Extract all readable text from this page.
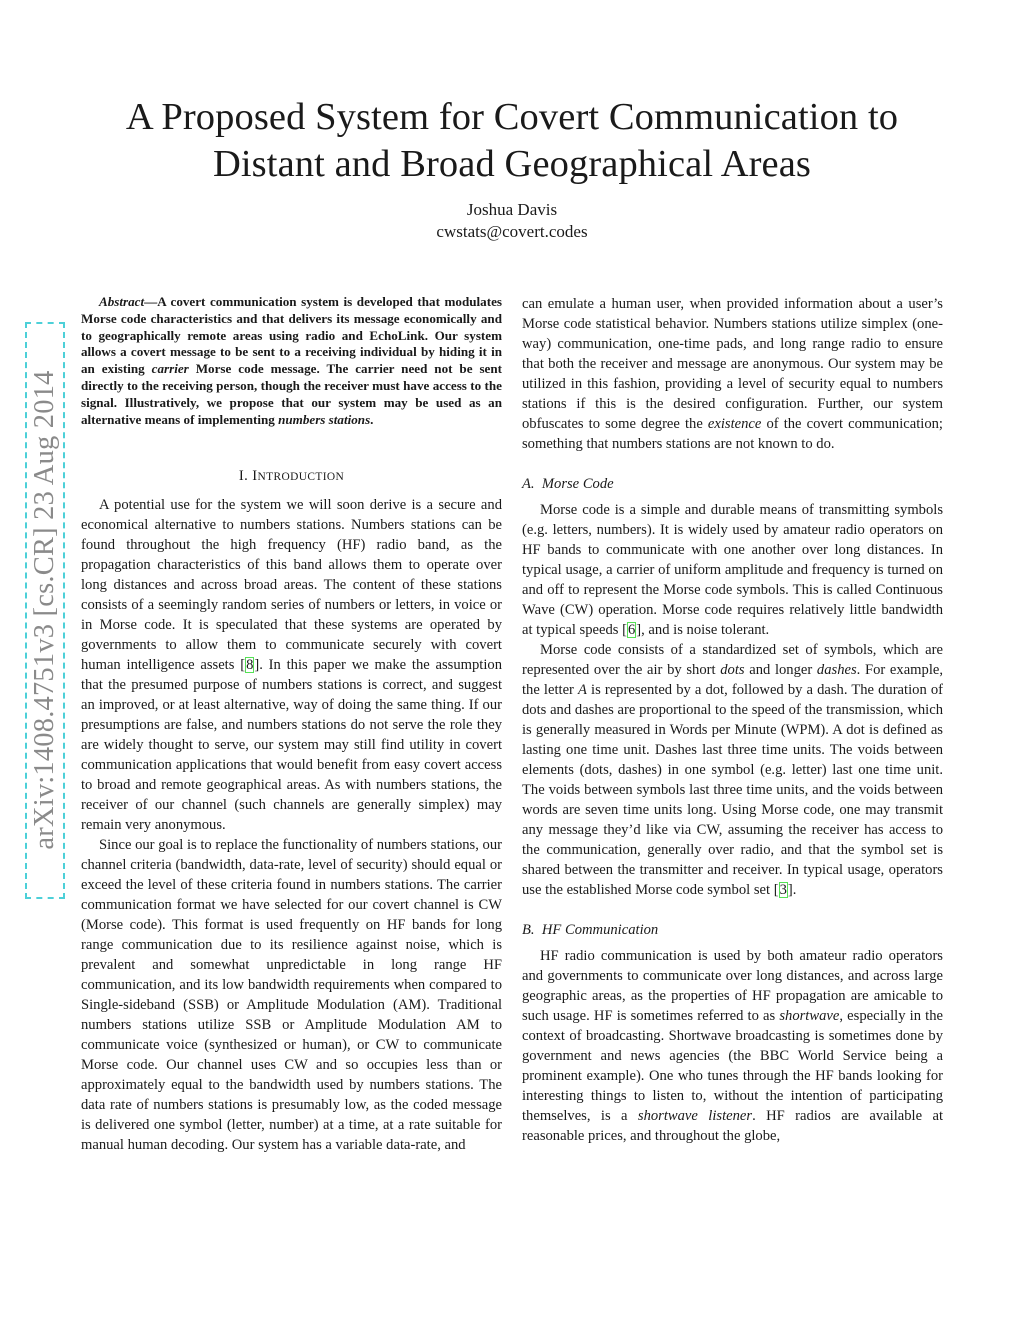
A Proposed System for Covert Communication to Distant and Broad Geographical Areas
Joshua Davis
cwstats@covert.codes
arXiv:1408.4751v3 [cs.CR] 23 Aug 2014

Abstract—A covert communication system is developed that modulates Morse code characteristics and that delivers its message economically and to geographically remote areas using radio and EchoLink. Our system allows a covert message to be sent to a receiving individual by hiding it in an existing carrier Morse code message. The carrier need not be sent directly to the receiving person, though the receiver must have access to the signal. Illustratively, we propose that our system may be used as an alternative means of implementing numbers stations.

I. INTRODUCTION

A potential use for the system we will soon derive is a secure and economical alternative to numbers stations. Numbers stations can be found throughout the high frequency (HF) radio band, as the propagation characteristics of this band allows them to operate over long distances and across broad areas. The content of these stations consists of a seemingly random series of numbers or letters, in voice or in Morse code. It is speculated that these systems are operated by governments to allow them to communicate securely with covert human intelligence assets [8]. In this paper we make the assumption that the presumed purpose of numbers stations is correct, and suggest an improved, or at least alternative, way of doing the same thing. If our presumptions are false, and numbers stations do not serve the role they are widely thought to serve, our system may still find utility in covert communication applications that would benefit from easy covert access to broad and remote geographical areas. As with numbers stations, the receiver of our channel (such channels are generally simplex) may remain very anonymous.

Since our goal is to replace the functionality of numbers stations, our channel criteria (bandwidth, data-rate, level of security) should equal or exceed the level of these criteria found in numbers stations. The carrier communication format we have selected for our covert channel is CW (Morse code). This format is used frequently on HF bands for long range communication due to its resilience against noise, which is prevalent and somewhat unpredictable in long range HF communication, and its low bandwidth requirements when compared to Single-sideband (SSB) or Amplitude Modulation (AM). Traditional numbers stations utilize SSB or Amplitude Modulation AM to communicate voice (synthesized or human), or CW to communicate Morse code. Our channel uses CW and so occupies less than or approximately equal to the bandwidth used by numbers stations. The data rate of numbers stations is presumably low, as the coded message is delivered one symbol (letter, number) at a time, at a rate suitable for manual human decoding. Our system has a variable data-rate, and

can emulate a human user, when provided information about a user’s Morse code statistical behavior. Numbers stations utilize simplex (one-way) communication, one-time pads, and long range radio to ensure that both the receiver and message are anonymous. Our system may be utilized in this fashion, providing a level of security equal to numbers stations if this is the desired configuration. Further, our system obfuscates to some degree the existence of the covert communication; something that numbers stations are not known to do.

A. Morse Code

Morse code is a simple and durable means of transmitting symbols (e.g. letters, numbers). It is widely used by amateur radio operators on HF bands to communicate with one another over long distances. In typical usage, a carrier of uniform amplitude and frequency is turned on and off to represent the Morse code symbols. This is called Continuous Wave (CW) operation. Morse code requires relatively little bandwidth at typical speeds [6], and is noise tolerant.

Morse code consists of a standardized set of symbols, which are represented over the air by short dots and longer dashes. For example, the letter A is represented by a dot, followed by a dash. The duration of dots and dashes are proportional to the speed of the transmission, which is generally measured in Words per Minute (WPM). A dot is defined as lasting one time unit. Dashes last three time units. The voids between elements (dots, dashes) in one symbol (e.g. letter) last one time unit. The voids between symbols last three time units, and the voids between words are seven time units long. Using Morse code, one may transmit any message they’d like via CW, assuming the receiver has access to the communication, generally over radio, and that the symbol set is shared between the transmitter and receiver. In typical usage, operators use the established Morse code symbol set [3].

B. HF Communication

HF radio communication is used by both amateur radio operators and governments to communicate over long distances, and across large geographic areas, as the properties of HF propagation are amicable to such usage. HF is sometimes referred to as shortwave, especially in the context of broadcasting. Shortwave broadcasting is sometimes done by government and news agencies (the BBC World Service being a prominent example). One who tunes through the HF bands looking for interesting things to listen to, without the intention of participating themselves, is a shortwave listener. HF radios are available at reasonable prices, and throughout the globe,
